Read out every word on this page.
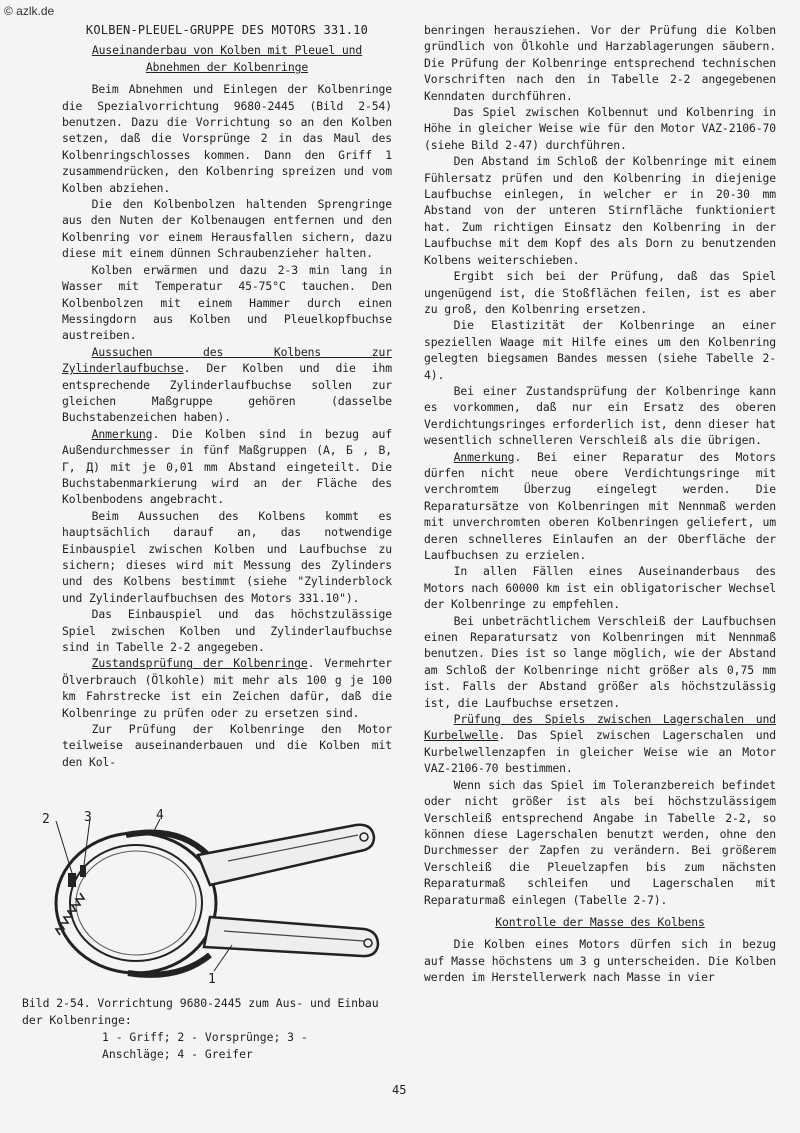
© azlk.de

KOLBEN-PLEUEL-GRUPPE DES MOTORS 331.10

Auseinanderbau von Kolben mit Pleuel und
Abnehmen der Kolbenringe

Beim Abnehmen und Einlegen der Kolbenringe die Spezialvorrichtung 9680-2445 (Bild 2-54) benutzen. Dazu die Vorrichtung so an den Kolben setzen, daß die Vorsprünge 2 in das Maul des Kolbenringschlosses kommen. Dann den Griff 1 zusammendrücken, den Kolbenring spreizen und vom Kolben abziehen.

Die den Kolbenbolzen haltenden Sprengringe aus den Nuten der Kolbenaugen entfernen und den Kolbenring vor einem Herausfallen sichern, dazu diese mit einem dünnen Schraubenzieher halten.

Kolben erwärmen und dazu 2-3 min lang in Wasser mit Temperatur 45-75°C tauchen. Den Kolbenbolzen mit einem Hammer durch einen Messingdorn aus Kolben und Pleuelkopfbuchse austreiben.

Aussuchen des Kolbens zur Zylinderlaufbuchse. Der Kolben und die ihm entsprechende Zylinderlaufbuchse sollen zur gleichen Maßgruppe gehören (dasselbe Buchstabenzeichen haben).

Anmerkung. Die Kolben sind in bezug auf Außendurchmesser in fünf Maßgruppen (А, Б , В, Г, Д) mit je 0,01 mm Abstand eingeteilt. Die Buchstabenmarkierung wird an der Fläche des Kolbenbodens angebracht.

Beim Aussuchen des Kolbens kommt es hauptsächlich darauf an, das notwendige Einbauspiel zwischen Kolben und Laufbuchse zu sichern; dieses wird mit Messung des Zylinders und des Kolbens bestimmt (siehe "Zylinderblock und Zylinderlaufbuchsen des Motors 331.10").

Das Einbauspiel und das höchstzulässige Spiel zwischen Kolben und Zylinderlaufbuchse sind in Tabelle 2-2 angegeben.

Zustandsprüfung der Kolbenringe. Vermehrter Ölverbrauch (Ölkohle) mit mehr als 100 g je 100 km Fahrstrecke ist ein Zeichen dafür, daß die Kolbenringe zu prüfen oder zu ersetzen sind.

Zur Prüfung der Kolbenringe den Motor teilweise auseinanderbauen und die Kolben mit den Kol-

2	3	4
1
Bild 2-54. Vorrichtung 9680-2445 zum Aus- und Einbau der Kolbenringe:
1 - Griff; 2 - Vorsprünge; 3 - Anschläge; 4 - Greifer

benringen herausziehen. Vor der Prüfung die Kolben gründlich von Ölkohle und Harzablagerungen säubern. Die Prüfung der Kolbenringe entsprechend technischen Vorschriften nach den in Tabelle 2-2 angegebenen Kenndaten durchführen.

Das Spiel zwischen Kolbennut und Kolbenring in Höhe in gleicher Weise wie für den Motor VAZ-2106-70 (siehe Bild 2-47) durchführen.

Den Abstand im Schloß der Kolbenringe mit einem Fühlersatz prüfen und den Kolbenring in diejenige Laufbuchse einlegen, in welcher er in 20-30 mm Abstand von der unteren Stirnfläche funktioniert hat. Zum richtigen Einsatz den Kolbenring in der Laufbuchse mit dem Kopf des als Dorn zu benutzenden Kolbens weiterschieben.

Ergibt sich bei der Prüfung, daß das Spiel ungenügend ist, die Stoßflächen feilen, ist es aber zu groß, den Kolbenring ersetzen.

Die Elastizität der Kolbenringe an einer speziellen Waage mit Hilfe eines um den Kolbenring gelegten biegsamen Bandes messen (siehe Tabelle 2-4).

Bei einer Zustandsprüfung der Kolbenringe kann es vorkommen, daß nur ein Ersatz des oberen Verdichtungsringes erforderlich ist, denn dieser hat wesentlich schnelleren Verschleiß als die übrigen.

Anmerkung. Bei einer Reparatur des Motors dürfen nicht neue obere Verdichtungsringe mit verchromtem Überzug eingelegt werden. Die Reparatursätze von Kolbenringen mit Nennmaß werden mit unverchromten oberen Kolbenringen geliefert, um deren schnelleres Einlaufen an der Oberfläche der Laufbuchsen zu erzielen.

In allen Fällen eines Auseinanderbaus des Motors nach 60000 km ist ein obligatorischer Wechsel der Kolbenringe zu empfehlen.

Bei unbeträchtlichem Verschleiß der Laufbuchsen einen Reparatursatz von Kolbenringen mit Nennmaß benutzen. Dies ist so lange möglich, wie der Abstand am Schloß der Kolbenringe nicht größer als 0,75 mm ist. Falls der Abstand größer als höchstzulässig ist, die Laufbuchse ersetzen.

Prüfung des Spiels zwischen Lagerschalen und Kurbelwelle. Das Spiel zwischen Lagerschalen und Kurbelwellenzapfen in gleicher Weise wie an Motor VAZ-2106-70 bestimmen.

Wenn sich das Spiel im Toleranzbereich befindet oder nicht größer ist als bei höchstzulässigem Verschleiß entsprechend Angabe in Tabelle 2-2, so können diese Lagerschalen benutzt werden, ohne den Durchmesser der Zapfen zu verändern. Bei größerem Verschleiß die Pleuelzapfen bis zum nächsten Reparaturmaß schleifen und Lagerschalen mit Reparaturmaß einlegen (Tabelle 2-7).

Kontrolle der Masse des Kolbens

Die Kolben eines Motors dürfen sich in bezug auf Masse höchstens um 3 g unterscheiden. Die Kolben werden im Herstellerwerk nach Masse in vier

45
